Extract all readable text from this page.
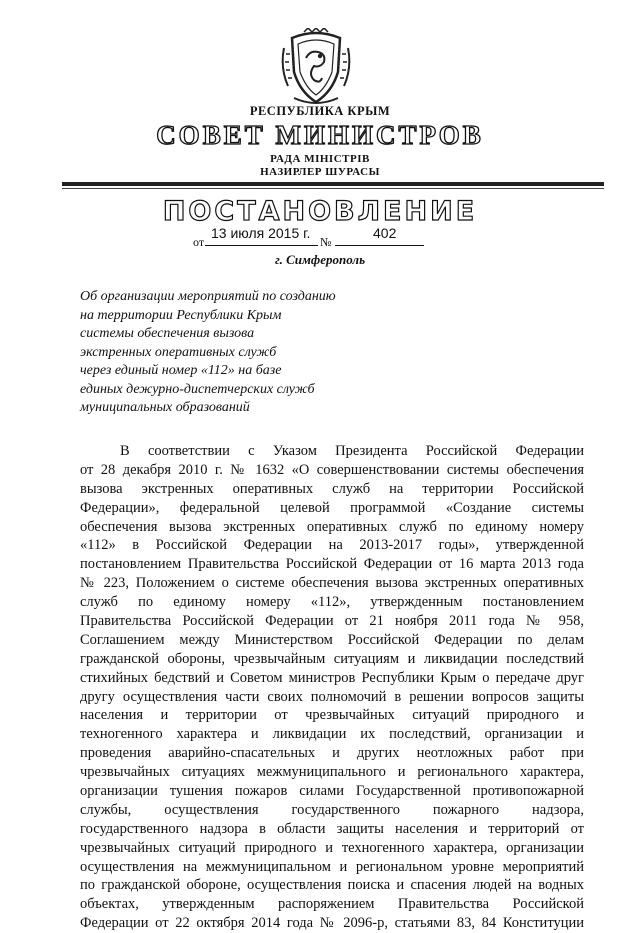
РЕСПУБЛИКА КРЫМ
СОВЕТ МИНИСТРОВ
РАДА МІНІСТРІВ
НАЗИРЛЕР ШУРАСЫ
ПОСТАНОВЛЕНИЕ
от
13 июля 2015 г.
№
402
г. Симферополь
Об организации мероприятий по созданию
на территории Республики Крым
системы обеспечения вызова
экстренных оперативных служб
через единый номер «112» на базе
единых дежурно-диспетчерских служб
муниципальных образований
В соответствии с Указом Президента Российской Федерации
от 28 декабря 2010 г. № 1632 «О совершенствовании системы обеспечения
вызова экстренных оперативных служб на территории Российской
Федерации», федеральной целевой программой «Создание системы
обеспечения вызова экстренных оперативных служб по единому номеру
«112» в Российской Федерации на 2013-2017 годы», утвержденной
постановлением Правительства Российской Федерации от 16 марта 2013 года
№ 223, Положением о системе обеспечения вызова экстренных оперативных
служб по единому номеру «112», утвержденным постановлением
Правительства Российской Федерации от 21 ноября 2011 года № 958,
Соглашением между Министерством Российской Федерации по делам
гражданской обороны, чрезвычайным ситуациям и ликвидации последствий
стихийных бедствий и Советом министров Республики Крым о передаче друг
другу осуществления части своих полномочий в решении вопросов защиты
населения и территории от чрезвычайных ситуаций природного и
техногенного характера и ликвидации их последствий, организации и
проведения аварийно-спасательных и других неотложных работ при
чрезвычайных ситуациях межмуниципального и регионального характера,
организации тушения пожаров силами Государственной противопожарной
службы, осуществления государственного пожарного надзора,
государственного надзора в области защиты населения и территорий от
чрезвычайных ситуаций природного и техногенного характера, организации
осуществления на межмуниципальном и региональном уровне мероприятий
по гражданской обороне, осуществления поиска и спасения людей на водных
объектах, утвержденным распоряжением Правительства Российской
Федерации от 22 октября 2014 года № 2096-р, статьями 83, 84 Конституции
